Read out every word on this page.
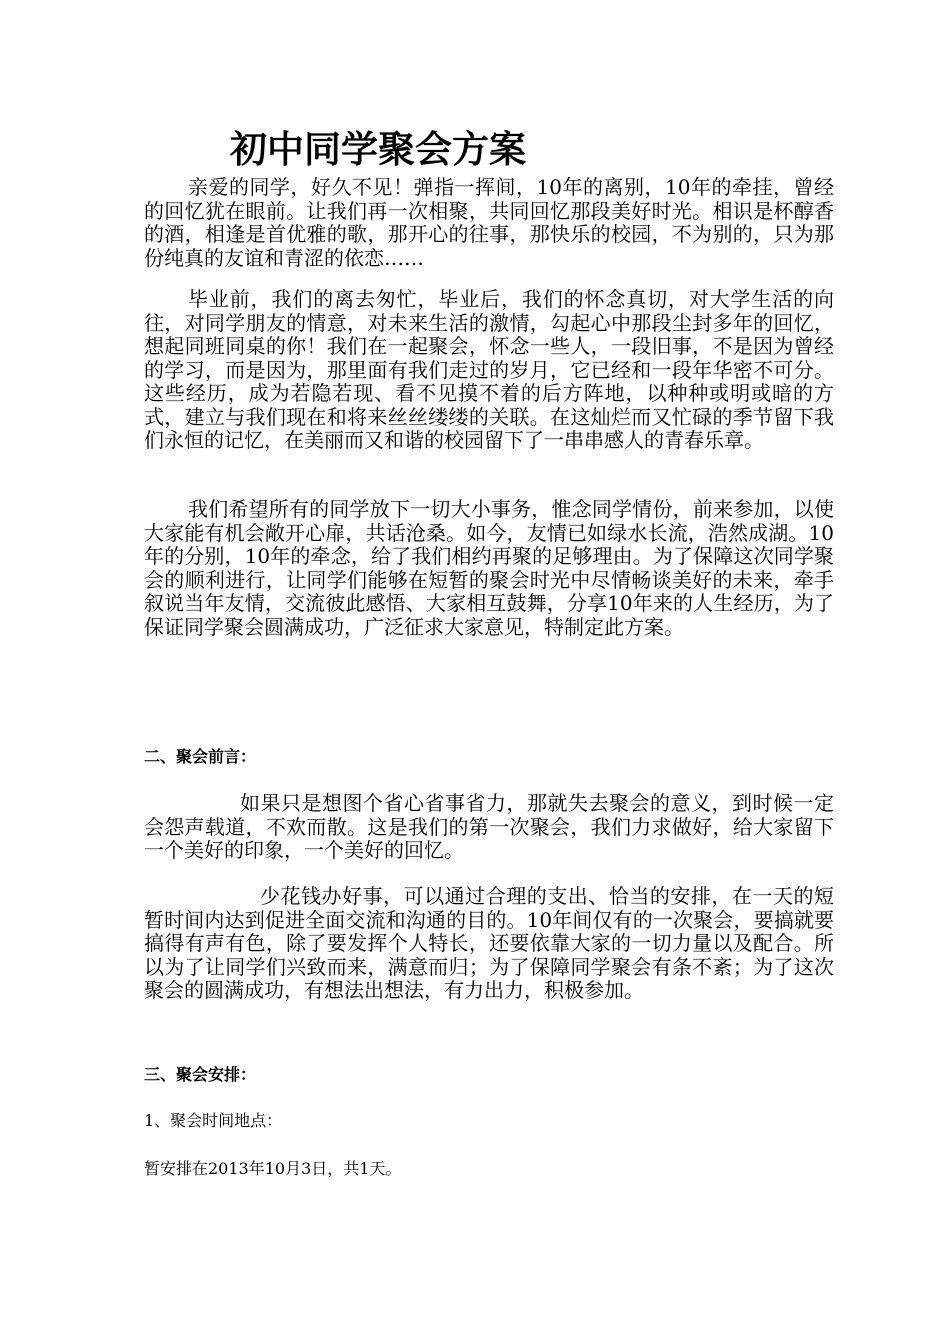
初中同学聚会方案

亲爱的同学，好久不见！弹指一挥间，10年的离别，10年的牵挂，曾经的回忆犹在眼前。让我们再一次相聚，共同回忆那段美好时光。相识是杯醇香的酒，相逢是首优雅的歌，那开心的往事，那快乐的校园，不为别的，只为那份纯真的友谊和青涩的依恋……

毕业前，我们的离去匆忙，毕业后，我们的怀念真切，对大学生活的向往，对同学朋友的情意，对未来生活的激情，勾起心中那段尘封多年的回忆，想起同班同桌的你！我们在一起聚会，怀念一些人，一段旧事，不是因为曾经的学习，而是因为，那里面有我们走过的岁月，它已经和一段年华密不可分。这些经历，成为若隐若现、看不见摸不着的后方阵地，以种种或明或暗的方式，建立与我们现在和将来丝丝缕缕的关联。在这灿烂而又忙碌的季节留下我们永恒的记忆，在美丽而又和谐的校园留下了一串串感人的青春乐章。

我们希望所有的同学放下一切大小事务，惟念同学情份，前来参加，以使大家能有机会敞开心扉，共话沧桑。如今，友情已如绿水长流，浩然成湖。10年的分别，10年的牵念，给了我们相约再聚的足够理由。为了保障这次同学聚会的顺利进行，让同学们能够在短暂的聚会时光中尽情畅谈美好的未来，牵手叙说当年友情，交流彼此感悟、大家相互鼓舞，分享10年来的人生经历，为了保证同学聚会圆满成功，广泛征求大家意见，特制定此方案。

二、聚会前言：

如果只是想图个省心省事省力，那就失去聚会的意义，到时候一定会怨声载道，不欢而散。这是我们的第一次聚会，我们力求做好，给大家留下一个美好的印象，一个美好的回忆。

少花钱办好事，可以通过合理的支出、恰当的安排，在一天的短暂时间内达到促进全面交流和沟通的目的。10年间仅有的一次聚会，要搞就要搞得有声有色，除了要发挥个人特长，还要依靠大家的一切力量以及配合。所以为了让同学们兴致而来，满意而归；为了保障同学聚会有条不紊；为了这次聚会的圆满成功，有想法出想法，有力出力，积极参加。

三、聚会安排：

1、聚会时间地点：

暂安排在2013年10月3日，共1天。
